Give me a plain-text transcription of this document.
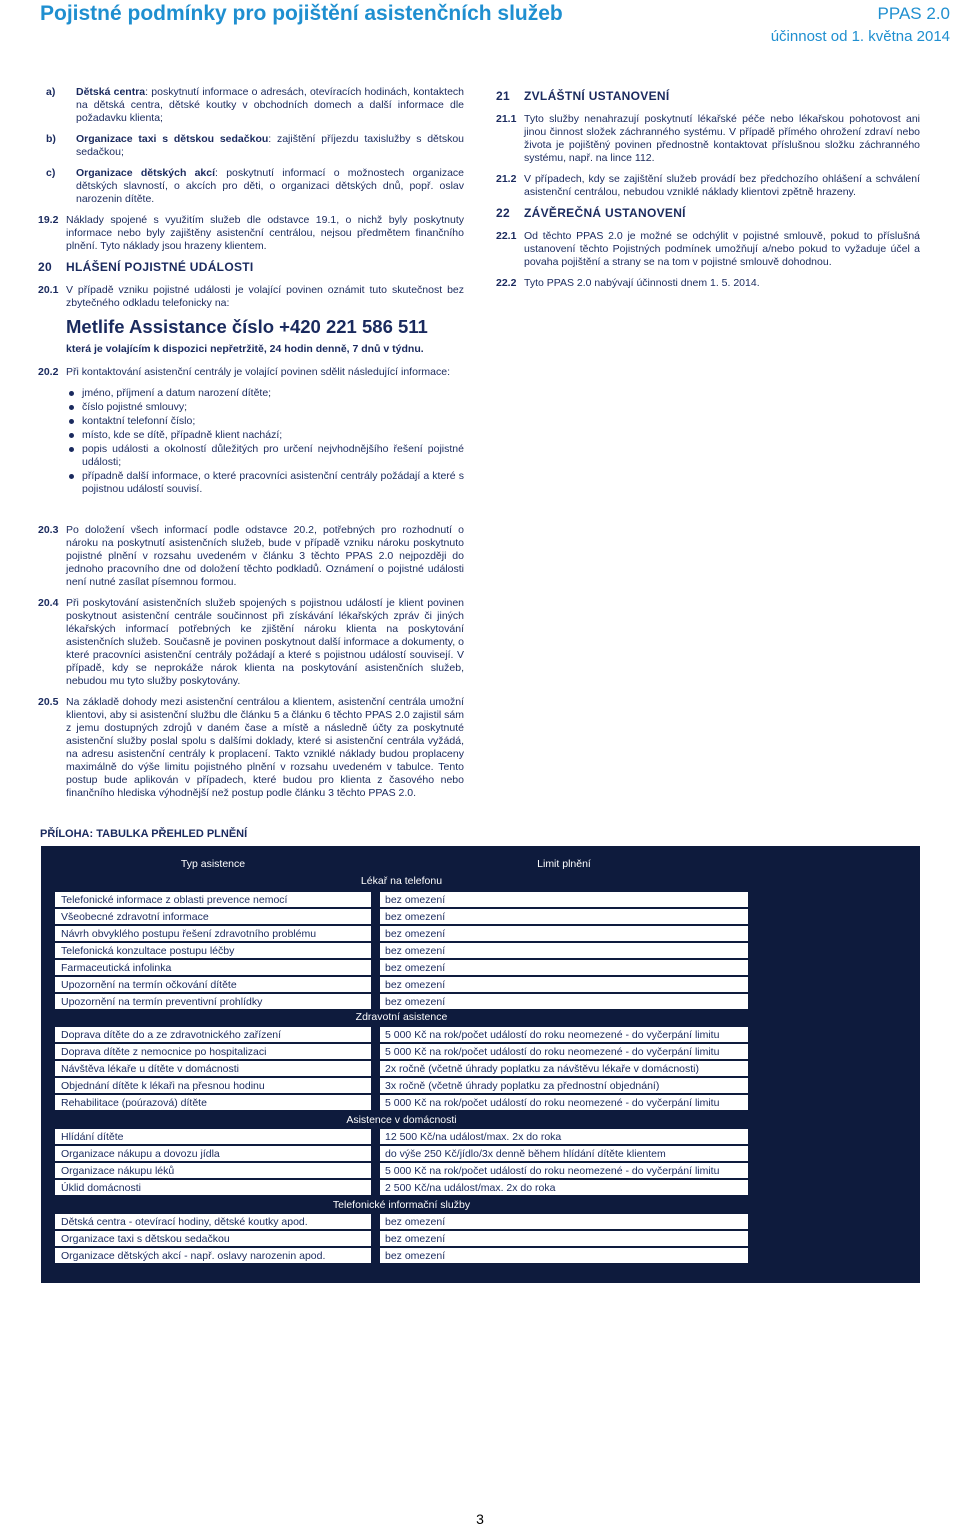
Pojistné podmínky pro pojištění asistenčních služeb	PPAS 2.0
účinnost od 1. května 2014
a)	Dětská centra: poskytnutí informace o adresách, otevíracích hodinách, kontaktech na dětská centra, dětské koutky v obchodních domech a další informace dle požadavku klienta;
b)	Organizace taxi s dětskou sedačkou: zajištění příjezdu taxislužby s dětskou sedačkou;
c)	Organizace dětských akcí: poskytnutí informací o možnostech organizace dětských slavností, o akcích pro děti, o organizaci dětských dnů, popř. oslav narozenin dítěte.
19.2 Náklady spojené s využitím služeb dle odstavce 19.1, o nichž byly poskytnuty informace nebo byly zajištěny asistenční centrálou, nejsou předmětem finančního plnění. Tyto náklady jsou hrazeny klientem.
20 HLÁŠENÍ POJISTNÉ UDÁLOSTI
20.1 V případě vzniku pojistné události je volající povinen oznámit tuto skutečnost bez zbytečného odkladu telefonicky na:
Metlife Assistance číslo +420 221 586 511
která je volajícím k dispozici nepřetržitě, 24 hodin denně, 7 dnů v týdnu.
20.2 Při kontaktování asistenční centrály je volající povinen sdělit následující informace:
jméno, příjmení a datum narození dítěte;
číslo pojistné smlouvy;
kontaktní telefonní číslo;
místo, kde se dítě, případně klient nachází;
popis události a okolností důležitých pro určení nejvhodnějšího řešení pojistné události;
případně další informace, o které pracovníci asistenční centrály požádají a které s pojistnou událostí souvisí.
20.3 Po doložení všech informací podle odstavce 20.2, potřebných pro rozhodnutí o nároku na poskytnutí asistenčních služeb, bude v případě vzniku nároku poskytnuto pojistné plnění v rozsahu uvedeném v článku 3 těchto PPAS 2.0 nejpozději do jednoho pracovního dne od doložení těchto podkladů. Oznámení o pojistné události není nutné zasílat písemnou formou.
20.4 Při poskytování asistenčních služeb spojených s pojistnou událostí je klient povinen poskytnout asistenční centrále součinnost při získávání lékařských zpráv či jiných lékařských informací potřebných ke zjištění nároku klienta na poskytování asistenčních služeb. Současně je povinen poskytnout další informace a dokumenty, o které pracovníci asistenční centrály požádají a které s pojistnou událostí souvisejí. V případě, kdy se neprokáže nárok klienta na poskytování asistenčních služeb, nebudou mu tyto služby poskytovány.
20.5 Na základě dohody mezi asistenční centrálou a klientem, asistenční centrála umožní klientovi, aby si asistenční službu dle článku 5 a článku 6 těchto PPAS 2.0 zajistil sám z jemu dostupných zdrojů v daném čase a místě a následně účty za poskytnuté asistenční služby poslal spolu s dalšími doklady, které si asistenční centrála vyžádá, na adresu asistenční centrály k proplacení. Takto vzniklé náklady budou proplaceny maximálně do výše limitu pojistného plnění v rozsahu uvedeném v tabulce. Tento postup bude aplikován v případech, které budou pro klienta z časového nebo finančního hlediska výhodnější než postup podle článku 3 těchto PPAS 2.0.
21 ZVLÁŠTNÍ USTANOVENÍ
21.1 Tyto služby nenahrazují poskytnutí lékařské péče nebo lékařskou pohotovost ani jinou činnost složek záchranného systému. V případě přímého ohrožení zdraví nebo života je pojištěný povinen přednostně kontaktovat příslušnou složku záchranného systému, např. na lince 112.
21.2 V případech, kdy se zajištění služeb provádí bez předchozího ohlášení a schválení asistenční centrálou, nebudou vzniklé náklady klientovi zpětně hrazeny.
22 ZÁVĚREČNÁ USTANOVENÍ
22.1 Od těchto PPAS 2.0 je možné se odchýlit v pojistné smlouvě, pokud to příslušná ustanovení těchto Pojistných podmínek umožňují a/nebo pokud to vyžaduje účel a povaha pojištění a strany se na tom v pojistné smlouvě dohodnou.
22.2 Tyto PPAS 2.0 nabývají účinnosti dnem 1. 5. 2014.
PŘÍLOHA: TABULKA PŘEHLED PLNĚNÍ
Typ asistence	Limit plnění
Lékař na telefonu
Telefonické informace z oblasti prevence nemocí	bez omezení
Všeobecné zdravotní informace	bez omezení
Návrh obvyklého postupu řešení zdravotního problému	bez omezení
Telefonická konzultace postupu léčby	bez omezení
Farmaceutická infolinka	bez omezení
Upozornění na termín očkování dítěte	bez omezení
Upozornění na termín preventivní prohlídky	bez omezení
Zdravotní asistence
Doprava dítěte do a ze zdravotnického zařízení	5 000 Kč na rok/počet událostí do roku neomezené - do vyčerpání limitu
Doprava dítěte z nemocnice po hospitalizaci	5 000 Kč na rok/počet událostí do roku neomezené - do vyčerpání limitu
Návštěva lékaře u dítěte v domácnosti	2x ročně (včetně úhrady poplatku za návštěvu lékaře v domácnosti)
Objednání dítěte k lékaři na přesnou hodinu	3x ročně (včetně úhrady poplatku za přednostní objednání)
Rehabilitace (poúrazová) dítěte	5 000 Kč na rok/počet událostí do roku neomezené - do vyčerpání limitu
Asistence v domácnosti
Hlídání dítěte	12 500 Kč/na událost/max. 2x do roka
Organizace nákupu a dovozu jídla	do výše 250 Kč/jídlo/3x denně během hlídání dítěte klientem
Organizace nákupu léků	5 000 Kč na rok/počet událostí do roku neomezené - do vyčerpání limitu
Úklid domácnosti	2 500 Kč/na událost/max. 2x do roka
Telefonické informační služby
Dětská centra - otevírací hodiny, dětské koutky apod.	bez omezení
Organizace taxi s dětskou sedačkou	bez omezení
Organizace dětských akcí - např. oslavy narozenin apod.	bez omezení
3
